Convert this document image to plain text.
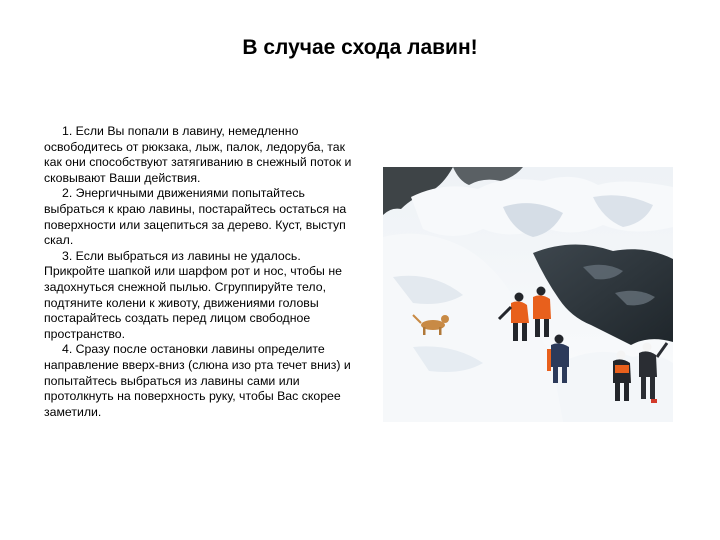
В случае схода лавин!

1. Если Вы попали в лавину, немедленно освободитесь от рюкзака, лыж, палок, ледоруба, так как они способствуют затягиванию в снежный поток и сковывают Ваши действия.

2. Энергичными движениями попытайтесь выбраться к краю лавины, постарайтесь остаться на поверхности или зацепиться за дерево. Куст, выступ скал.

3. Если выбраться из лавины не удалось. Прикройте шапкой или шарфом рот и нос, чтобы не задохнуться снежной пылью. Сгруппируйте тело, подтяните колени к животу, движениями головы постарайтесь создать перед лицом свободное пространство.

4. Сразу после остановки лавины определите направление вверх-вниз (слюна изо рта течет вниз) и попытайтесь выбраться из лавины сами или протолкнуть на поверхность руку, чтобы Вас скорее заметили.
